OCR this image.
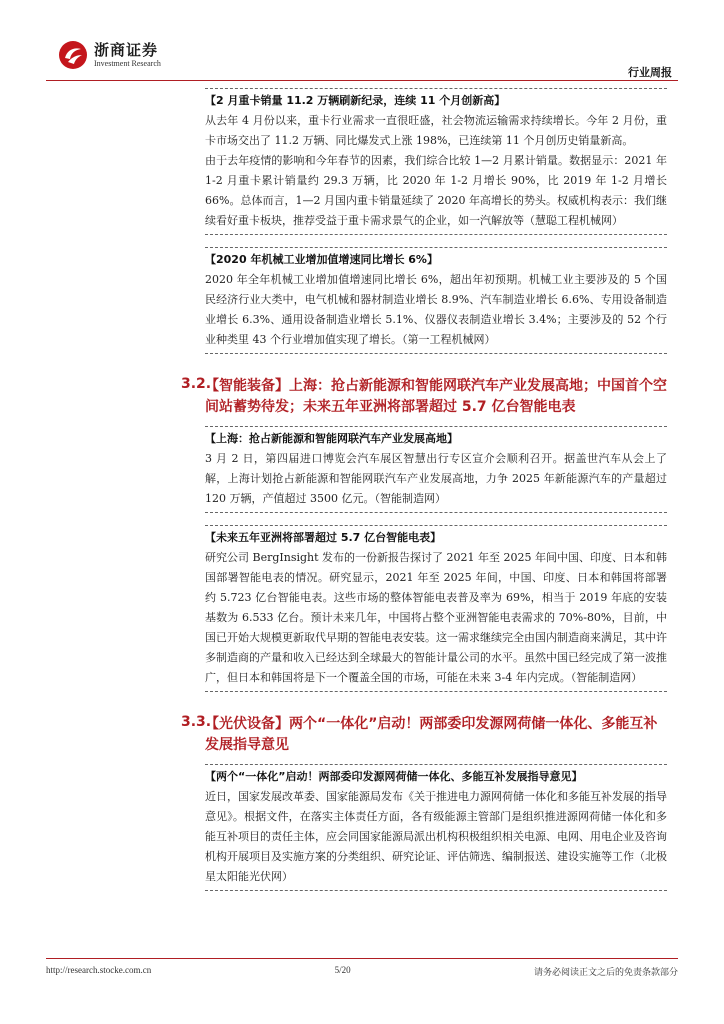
浙商证券
Investment Research
行业周报
【2 月重卡销量 11.2 万辆刷新纪录，连续 11 个月创新高】

从去年 4 月份以来，重卡行业需求一直很旺盛，社会物流运输需求持续增长。今年 2 月份，重卡市场交出了 11.2 万辆、同比爆发式上涨 198%，已连续第 11 个月创历史销量新高。

由于去年疫情的影响和今年春节的因素，我们综合比较 1—2 月累计销量。数据显示：2021 年 1-2 月重卡累计销量约 29.3 万辆，比 2020 年 1-2 月增长 90%，比 2019 年 1-2 月增长 66%。总体而言，1—2 月国内重卡销量延续了 2020 年高增长的势头。权威机构表示：我们继续看好重卡板块，推荐受益于重卡需求景气的企业，如一汽解放等（慧聪工程机械网）

【2020 年机械工业增加值增速同比增长 6%】

2020 年全年机械工业增加值增速同比增长 6%，超出年初预期。机械工业主要涉及的 5 个国民经济行业大类中，电气机械和器材制造业增长 8.9%、汽车制造业增长 6.6%、专用设备制造业增长 6.3%、通用设备制造业增长 5.1%、仪器仪表制造业增长 3.4%；主要涉及的 52 个行业种类里 43 个行业增加值实现了增长。（第一工程机械网）

3.2.
【智能装备】上海：抢占新能源和智能网联汽车产业发展高地；中国首个空间站蓄势待发；未来五年亚洲将部署超过 5.7 亿台智能电表
【上海：抢占新能源和智能网联汽车产业发展高地】

3 月 2 日，第四届进口博览会汽车展区智慧出行专区宣介会顺利召开。据盖世汽车从会上了解，上海计划抢占新能源和智能网联汽车产业发展高地，力争 2025 年新能源汽车的产量超过 120 万辆，产值超过 3500 亿元。（智能制造网）

【未来五年亚洲将部署超过 5.7 亿台智能电表】

研究公司 BergInsight 发布的一份新报告探讨了 2021 年至 2025 年间中国、印度、日本和韩国部署智能电表的情况。研究显示，2021 年至 2025 年间，中国、印度、日本和韩国将部署约 5.723 亿台智能电表。这些市场的整体智能电表普及率为 69%，相当于 2019 年底的安装基数为 6.533 亿台。预计未来几年，中国将占整个亚洲智能电表需求的 70%-80%，目前，中国已开始大规模更新取代早期的智能电表安装。这一需求继续完全由国内制造商来满足，其中许多制造商的产量和收入已经达到全球最大的智能计量公司的水平。虽然中国已经完成了第一波推广，但日本和韩国将是下一个覆盖全国的市场，可能在未来 3-4 年内完成。（智能制造网）

3.3.
【光伏设备】两个“一体化”启动！两部委印发源网荷储一体化、多能互补发展指导意见
【两个“一体化”启动！两部委印发源网荷储一体化、多能互补发展指导意见】

近日，国家发展改革委、国家能源局发布《关于推进电力源网荷储一体化和多能互补发展的指导意见》。根据文件，在落实主体责任方面，各有级能源主管部门是组织推进源网荷储一体化和多能互补项目的责任主体，应会同国家能源局派出机构积极组织相关电源、电网、用电企业及咨询机构开展项目及实施方案的分类组织、研究论证、评估筛选、编制报送、建设实施等工作（北极星太阳能光伏网）

http://research.stocke.com.cn	5/20	请务必阅读正文之后的免责条款部分
